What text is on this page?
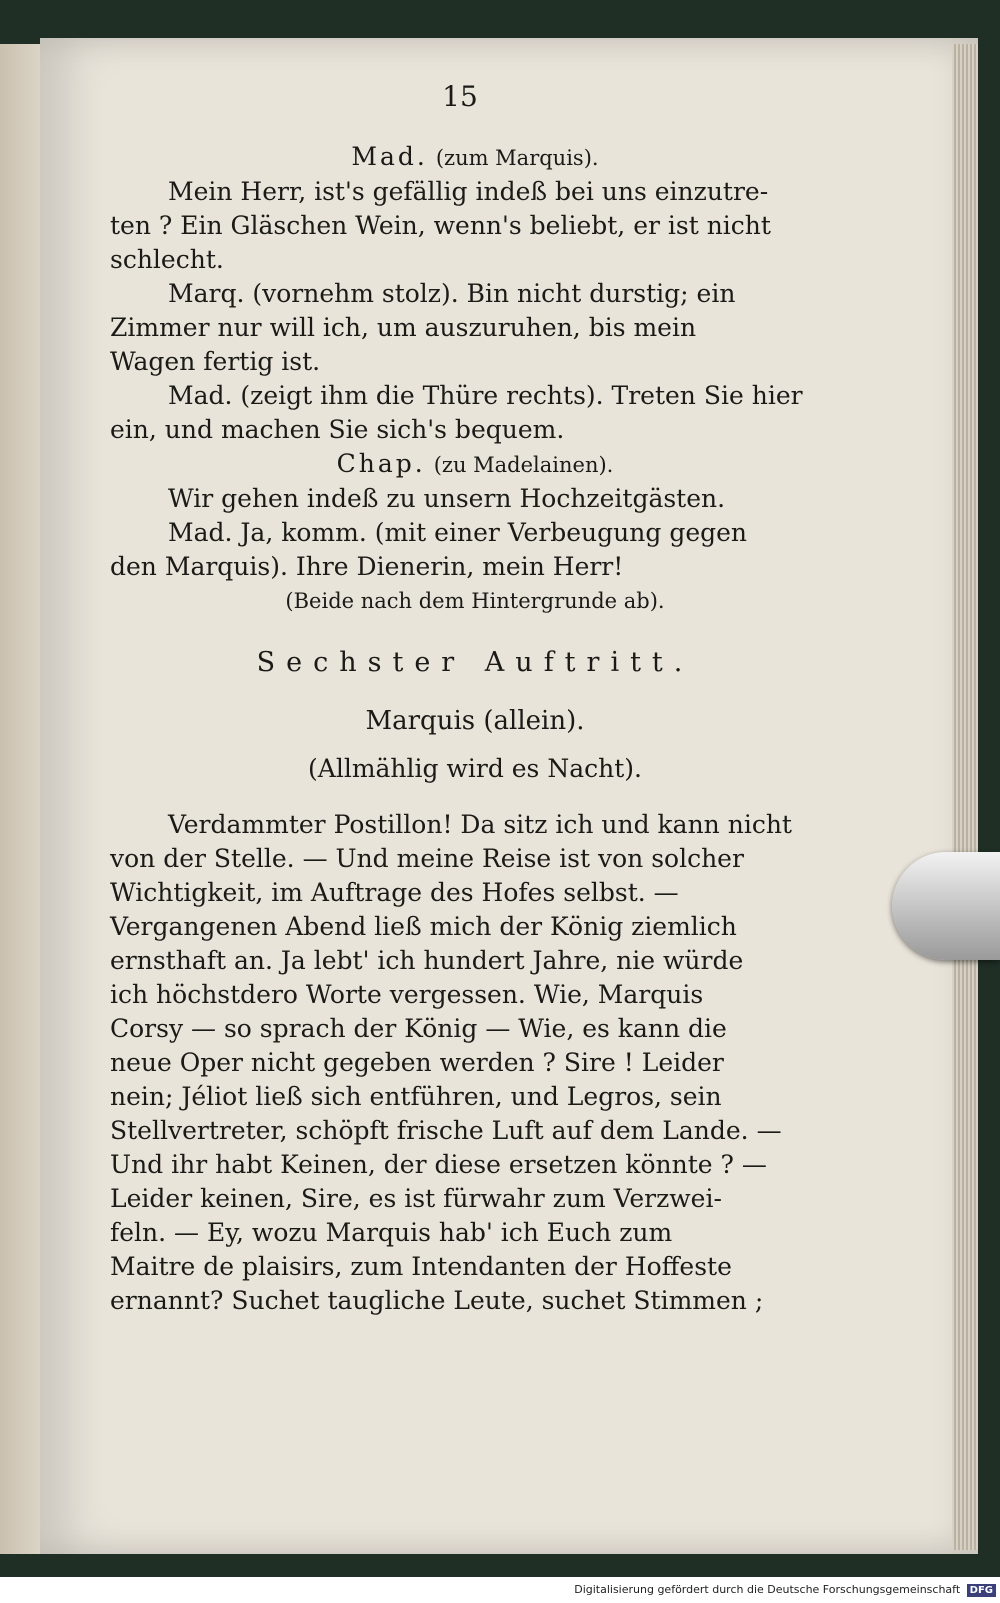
15
Mad. (zum Marquis).
Mein Herr, ist's gefällig indeß bei uns einzutre-
ten ? Ein Gläschen Wein, wenn's beliebt, er ist nicht
schlecht.
Marq. (vornehm stolz). Bin nicht durstig; ein
Zimmer nur will ich, um auszuruhen, bis mein
Wagen fertig ist.
Mad. (zeigt ihm die Thüre rechts). Treten Sie hier
ein, und machen Sie sich's bequem.
Chap. (zu Madelainen).
Wir gehen indeß zu unsern Hochzeitgästen.
Mad. Ja, komm. (mit einer Verbeugung gegen
den Marquis). Ihre Dienerin, mein Herr!
(Beide nach dem Hintergrunde ab).
Sechster Auftritt.
Marquis (allein).
(Allmählig wird es Nacht).
Verdammter Postillon! Da sitz ich und kann nicht
von der Stelle. — Und meine Reise ist von solcher
Wichtigkeit, im Auftrage des Hofes selbst. —
Vergangenen Abend ließ mich der König ziemlich
ernsthaft an. Ja lebt' ich hundert Jahre, nie würde
ich höchstdero Worte vergessen. Wie, Marquis
Corsy — so sprach der König — Wie, es kann die
neue Oper nicht gegeben werden ? Sire ! Leider
nein; Jéliot ließ sich entführen, und Legros, sein
Stellvertreter, schöpft frische Luft auf dem Lande. —
Und ihr habt Keinen, der diese ersetzen könnte ? —
Leider keinen, Sire, es ist fürwahr zum Verzwei-
feln. — Ey, wozu Marquis hab' ich Euch zum
Maitre de plaisirs, zum Intendanten der Hoffeste
ernannt? Suchet taugliche Leute, suchet Stimmen ;
Digitalisierung gefördert durch die Deutsche Forschungsgemeinschaft DFG
